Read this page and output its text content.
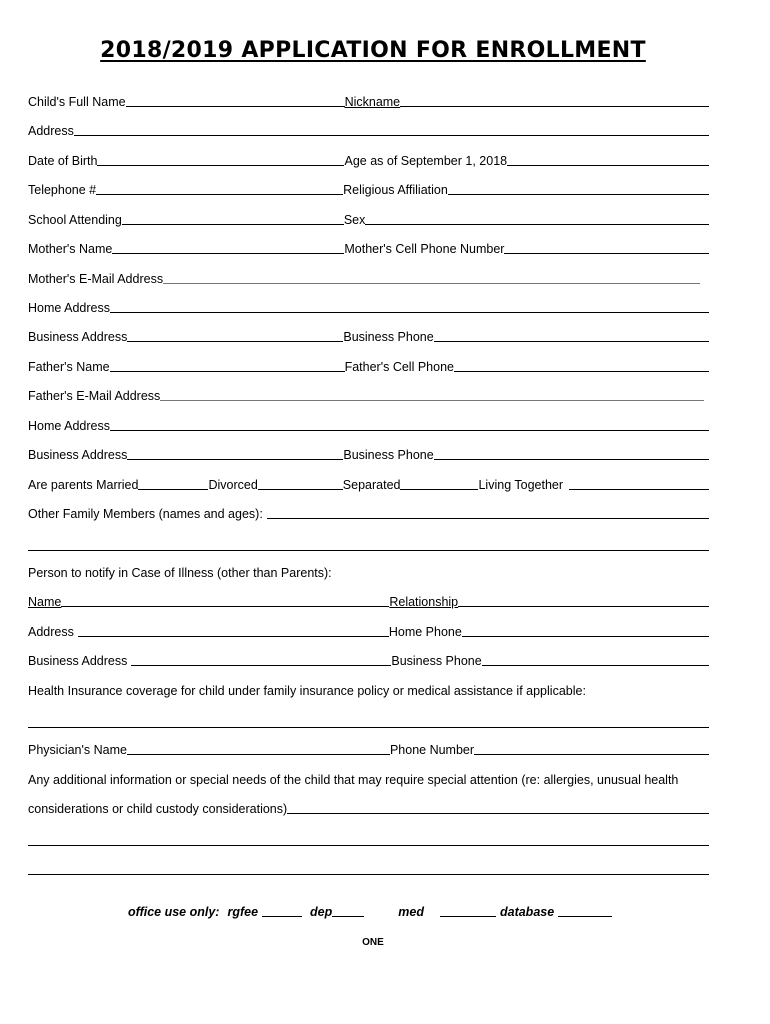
2018/2019 APPLICATION FOR ENROLLMENT
Child's Full Name	Nickname
Address
Date of Birth	Age as of September 1, 2018
Telephone #	Religious Affiliation
School Attending	Sex
Mother's Name	Mother's Cell Phone Number
Mother's E-Mail Address
Home Address
Business Address	Business Phone
Father's Name	Father's Cell Phone
Father's E-Mail Address
Home Address
Business Address	Business Phone
Are parents Married	Divorced	Separated	Living Together
Other Family Members (names and ages):
Person to notify in Case of Illness (other than Parents):
Name	Relationship
Address	Home Phone
Business Address	Business Phone
Health Insurance coverage for child under family insurance policy or medical assistance if applicable:
Physician's Name	Phone Number
Any additional information or special needs of the child that may require special attention (re: allergies, unusual health
considerations or child custody considerations)
office use only: rgfee	dep	med	database
ONE
